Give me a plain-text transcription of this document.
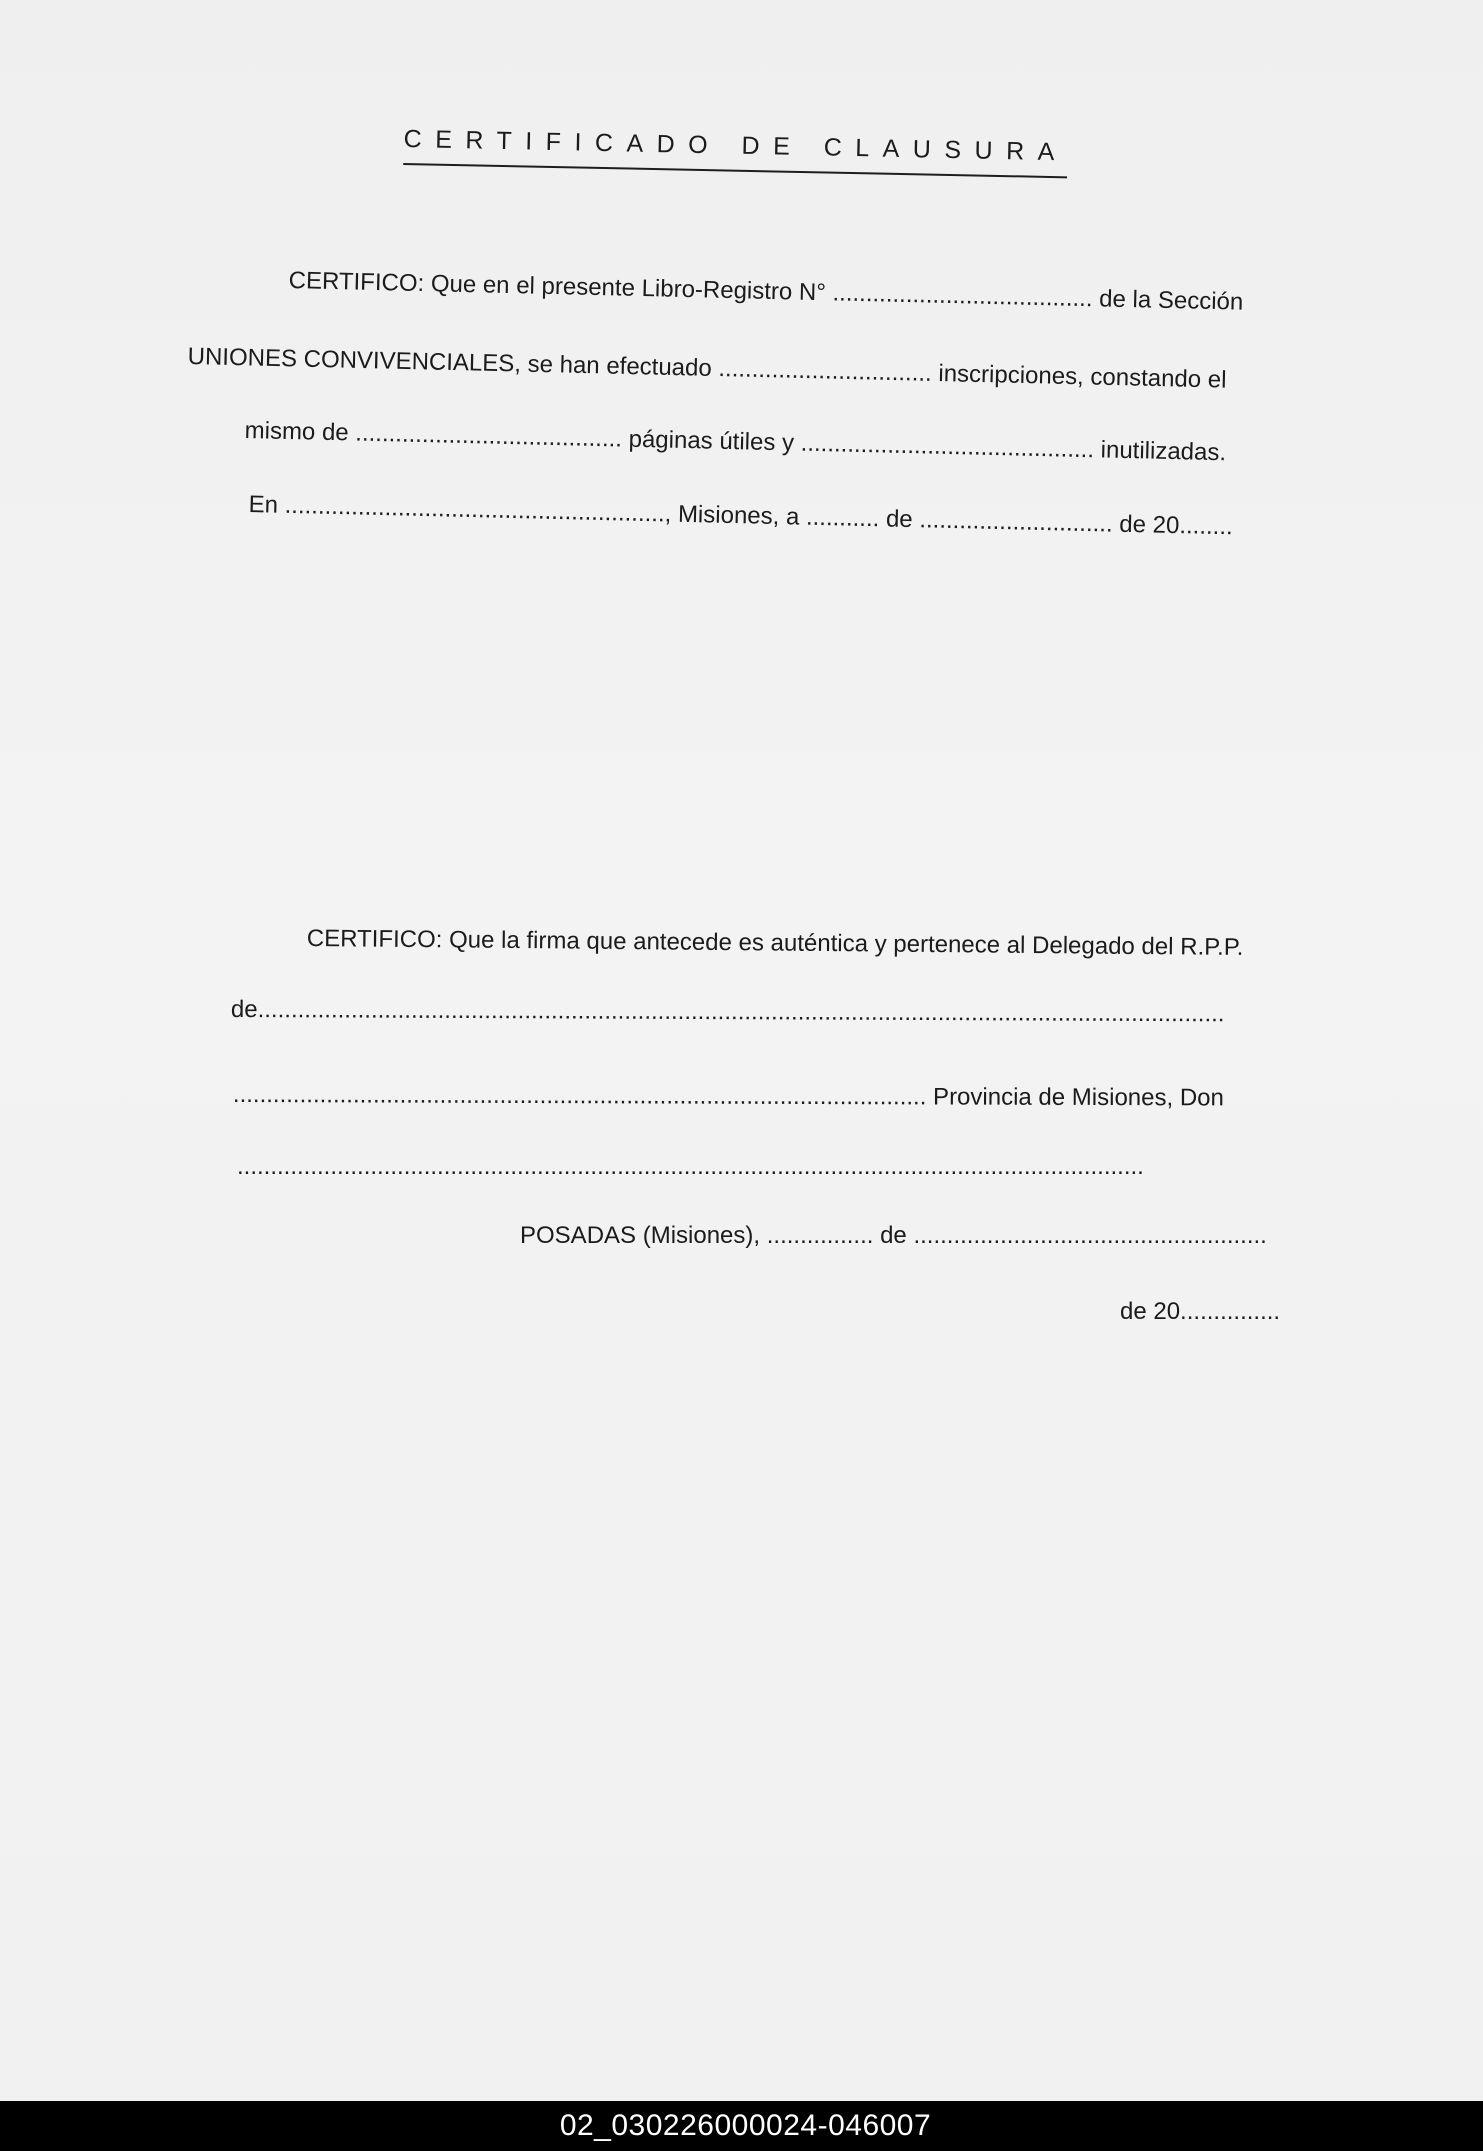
CERTIFICADO DE CLAUSURA
CERTIFICO: Que en el presente Libro-Registro N° ....................................... de la Sección
UNIONES CONVIVENCIALES, se han efectuado ................................ inscripciones, constando el
mismo de ........................................ páginas útiles y ............................................ inutilizadas.
En ........................................................., Misiones, a ........... de ............................. de 20........
CERTIFICO: Que la firma que antecede es auténtica y pertenece al Delegado del R.P.P.
de.................................................................................................................................................
........................................................................................................ Provincia de Misiones, Don
........................................................................................................................................
POSADAS (Misiones), ................ de .....................................................
de 20...............
02_030226000024-046007
